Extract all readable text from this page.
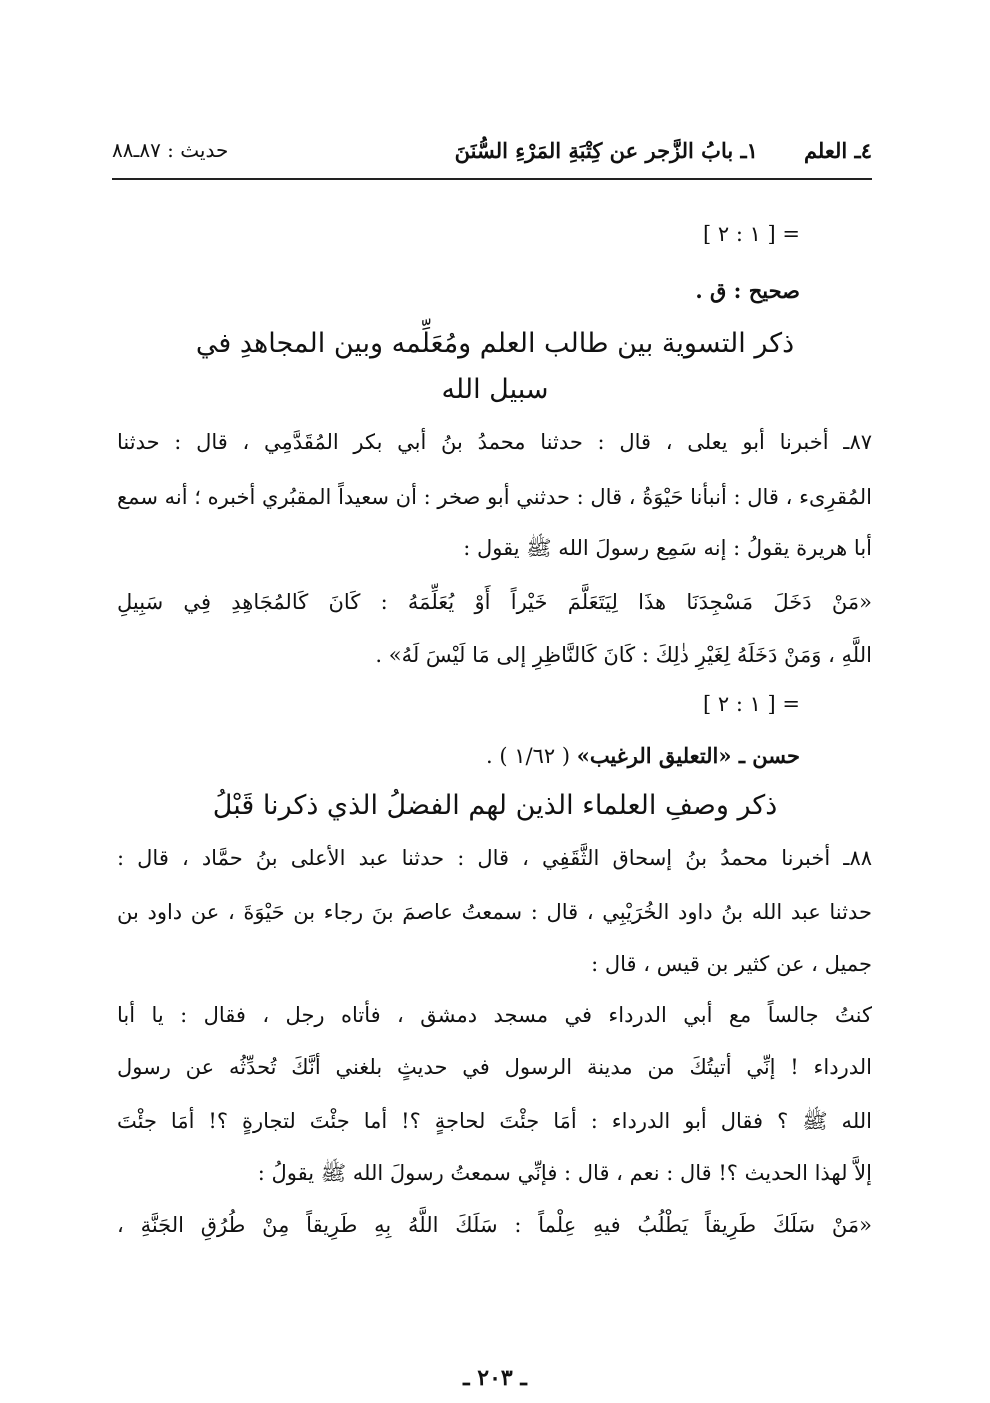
٤ـ العلم١ـ بابُ الزَّجر عن كِتْبَةِ المَرْءِ السُّنَنَ
حديث : ٨٧ـ٨٨
= [ ١ : ٢ ]
صحيح : ق .
ذكر التسوية بين طالب العلم ومُعَلِّمه وبين المجاهدِ في
سبيل الله
٨٧ـ أخبرنا أبو يعلى ، قال : حدثنا محمدُ بنُ أبي بكر المُقَدَّمِي ، قال : حدثنا
المُقرِىء ، قال : أنبأنا حَيْوَةُ ، قال : حدثني أبو صخر : أن سعيداً المقبُري أخبره ؛ أنه سمع
أبا هريرة يقولُ : إنه سَمِع رسولَ الله ﷺ يقول :
«مَنْ دَخَلَ مَسْجِدَنَا هذَا لِيَتَعَلَّمَ خَيْراً أَوْ يُعَلِّمَهُ : كَانَ كَالمُجَاهِدِ فِي سَبِيلِ
اللَّهِ ، وَمَنْ دَخَلَهُ لِغَيْرِ ذٰلِكَ : كَانَ كَالنَّاظِرِ إلى مَا لَيْسَ لَهُ» .
= [ ١ : ٢ ]
حسن ـ «التعليق الرغيب» ( ١/٦٢ ) .
ذكر وصفِ العلماء الذين لهم الفضلُ الذي ذكرنا قَبْلُ
٨٨ـ أخبرنا محمدُ بنُ إسحاق الثَّقَفِي ، قال : حدثنا عبد الأعلى بنُ حمَّاد ، قال :
حدثنا عبد الله بنُ داود الخُرَيْبِي ، قال : سمعتُ عاصمَ بنَ رجاء بن حَيْوَةَ ، عن داود بن
جميل ، عن كثير بن قيس ، قال :
كنتُ جالساً مع أبي الدرداء في مسجد دمشق ، فأتاه رجل ، فقال : يا أبا
الدرداء ! إنِّي أتيتُكَ من مدينة الرسول في حديثٍ بلغني أنَّكَ تُحدِّثُه عن رسول
الله ﷺ ؟ فقال أبو الدرداء : أمَا جئْتَ لحاجةٍ ؟! أما جئْتَ لتجارةٍ ؟! أمَا جئْتَ
إلاَّ لهذا الحديث ؟! قال : نعم ، قال : فإنِّي سمعتُ رسولَ الله ﷺ يقولُ :
«مَنْ سَلَكَ طَرِيقاً يَطْلُبُ فيهِ عِلْماً : سَلَكَ اللَّهُ بِهِ طَرِيقاً مِنْ طُرُقِ الجَنَّةِ ،
ـ ٢٠٣ ـ
